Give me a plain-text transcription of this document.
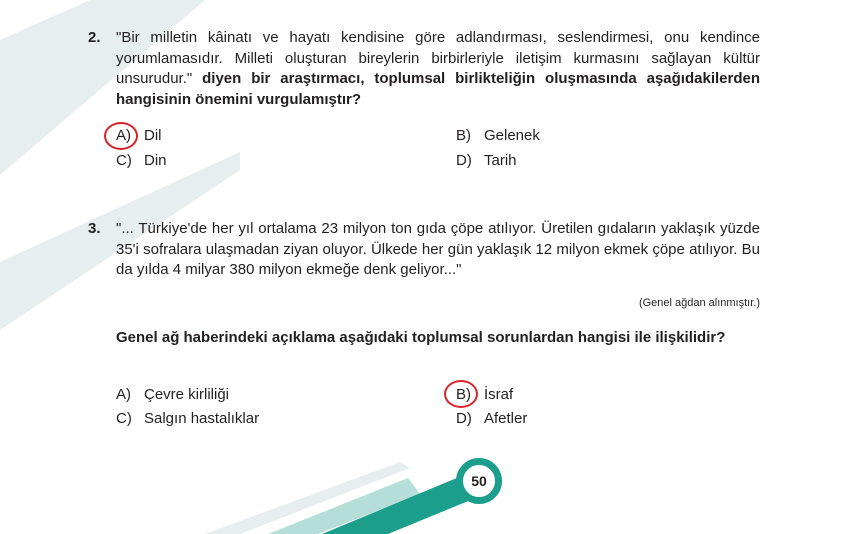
2. "Bir milletin kâinatı ve hayatı kendisine göre adlandırması, seslendirmesi, onu kendince yorumlamasıdır. Milleti oluşturan bireylerin birbirleriyle iletişim kurmasını sağlayan kültür unsurudur." diyen bir araştırmacı, toplumsal birlikteliğin oluşmasında aşağıdakilerden hangisinin önemini vurgulamıştır?
A) Dil	B) Gelenek
C) Din	D) Tarih
3. "... Türkiye'de her yıl ortalama 23 milyon ton gıda çöpe atılıyor. Üretilen gıdaların yaklaşık yüzde 35'i sofralara ulaşmadan ziyan oluyor. Ülkede her gün yaklaşık 12 milyon ekmek çöpe atılıyor. Bu da yılda 4 milyar 380 milyon ekmeğe denk geliyor..."
(Genel ağdan alınmıştır.)
Genel ağ haberindeki açıklama aşağıdaki toplumsal sorunlardan hangisi ile ilişkilidir?
A) Çevre kirliliği	B) İsraf
C) Salgın hastalıklar	D) Afetler
50
